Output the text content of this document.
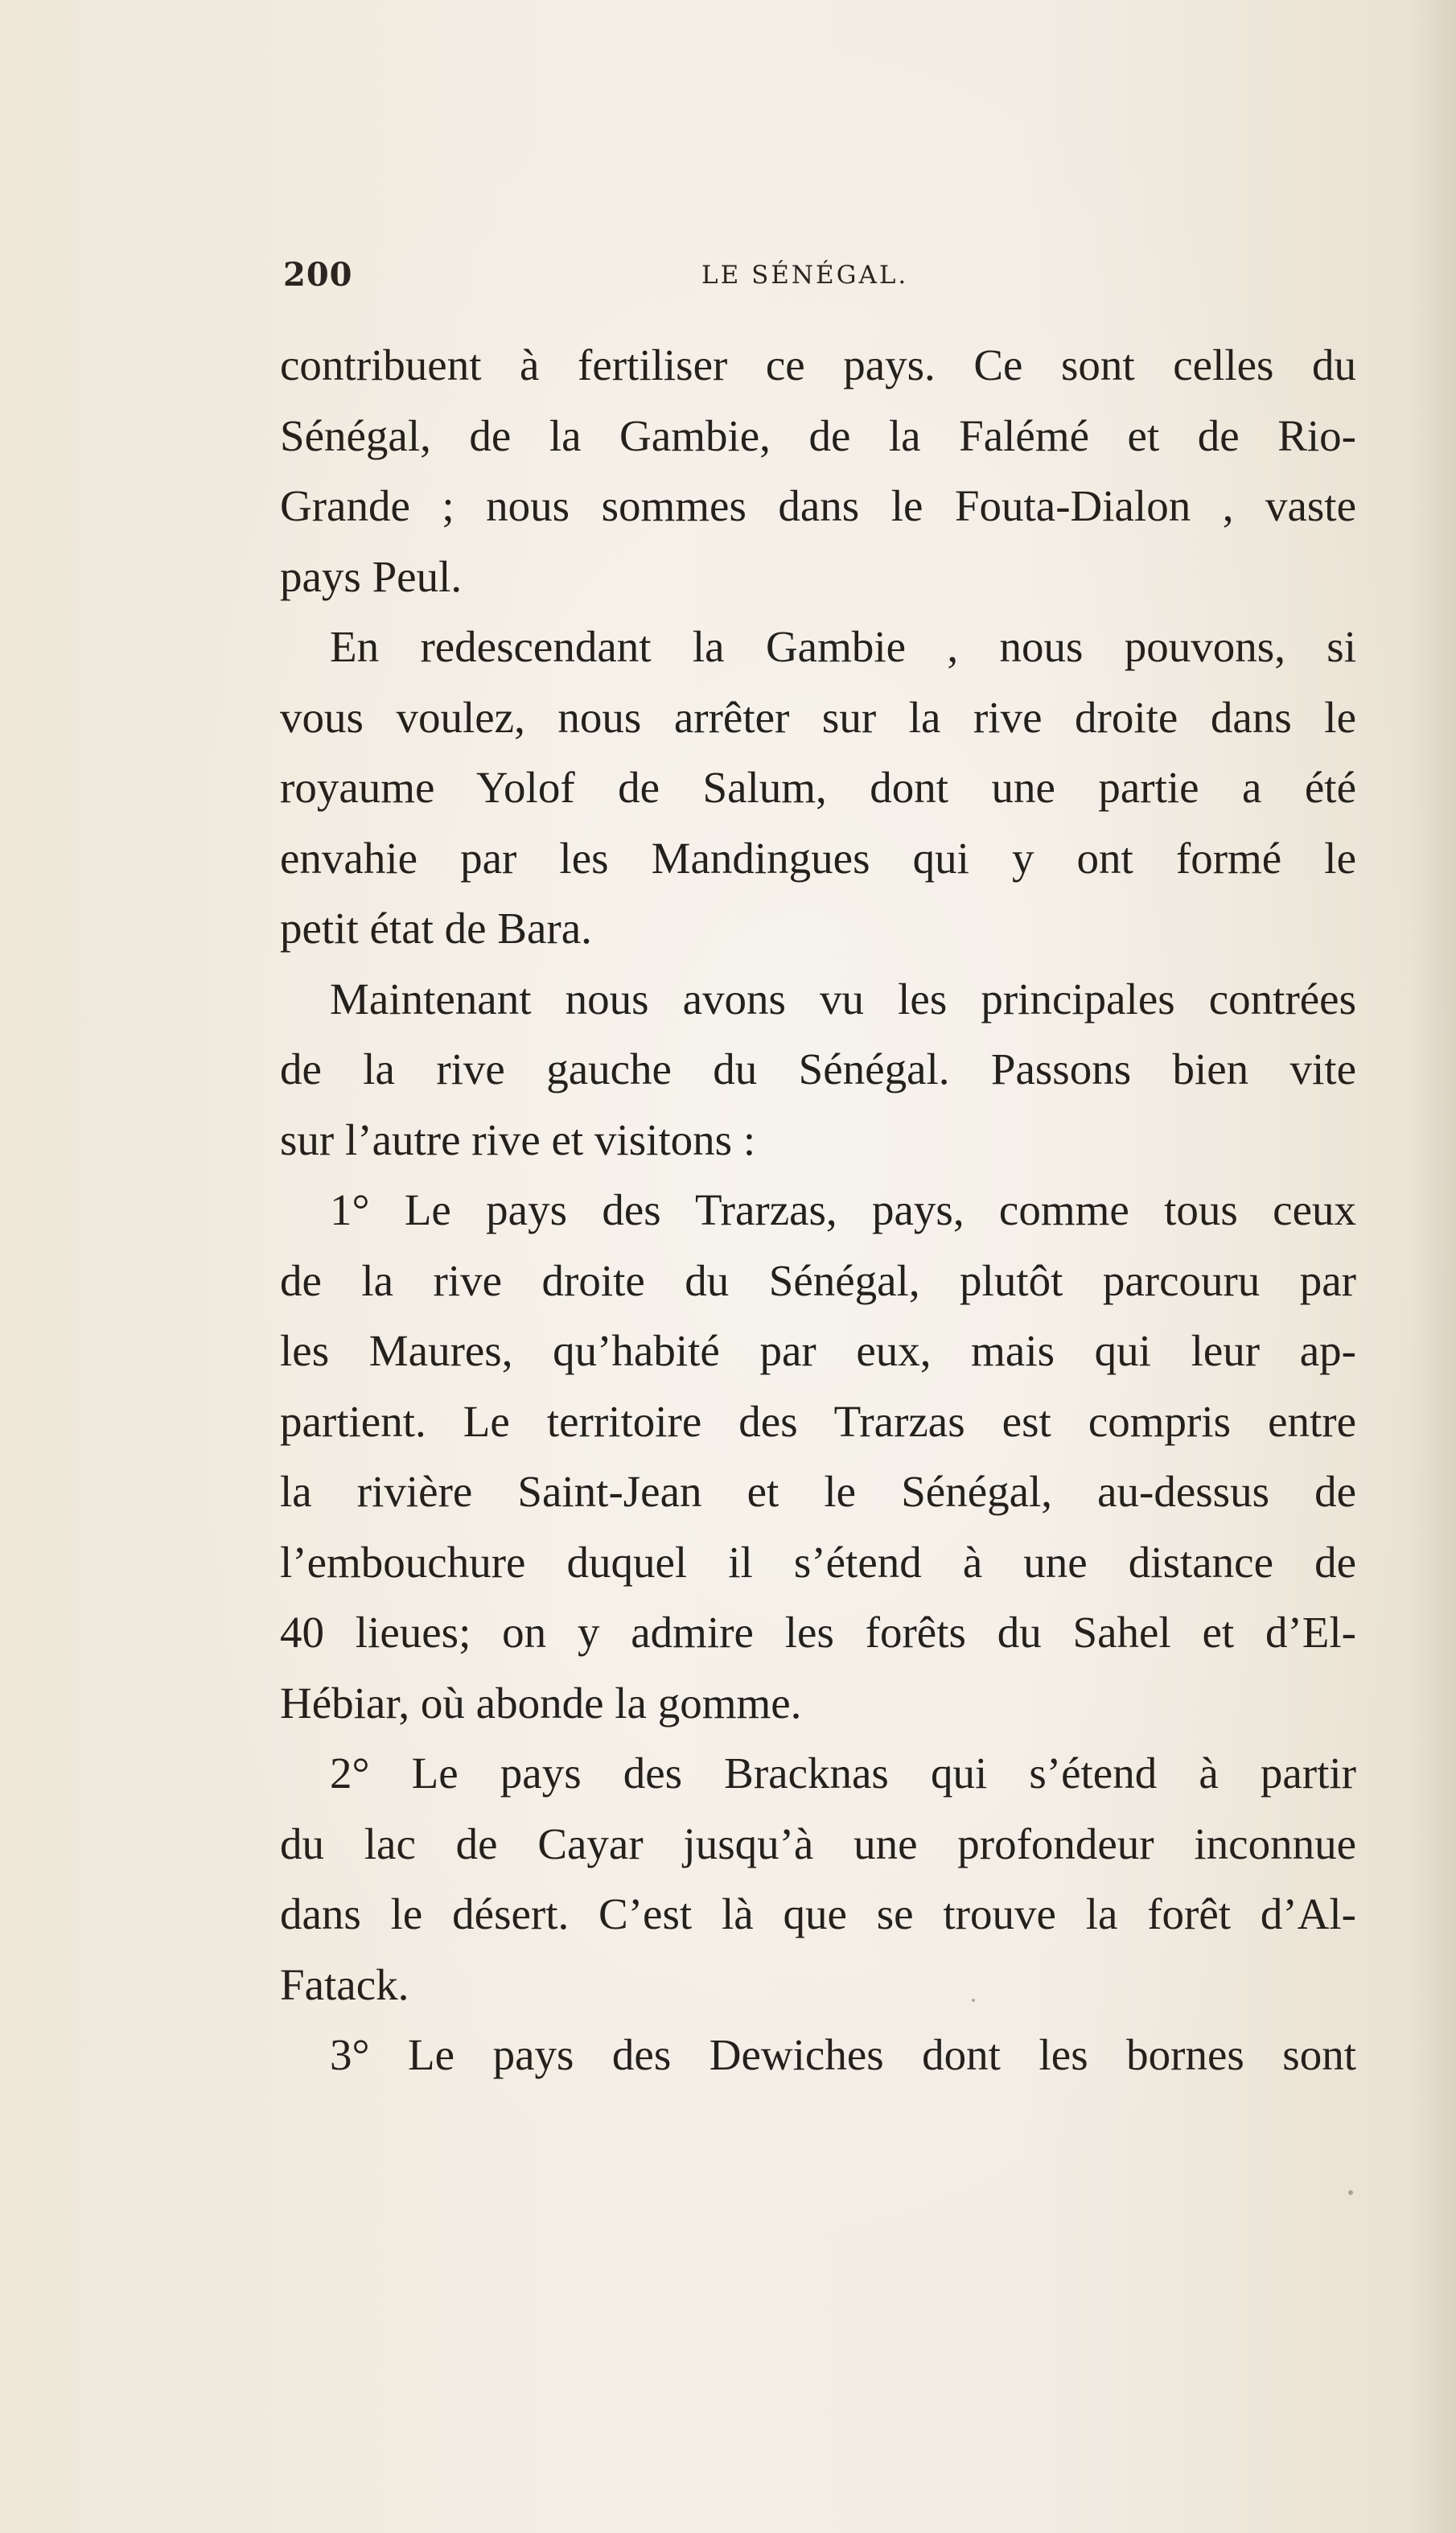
200	LE SÉNÉGAL.
contribuent à fertiliser ce pays. Ce sont celles du
Sénégal, de la Gambie, de la Falémé et de Rio-
Grande ; nous sommes dans le Fouta-Dialon , vaste
pays Peul.
En redescendant la Gambie , nous pouvons, si
vous voulez, nous arrêter sur la rive droite dans le
royaume Yolof de Salum, dont une partie a été
envahie par les Mandingues qui y ont formé le
petit état de Bara.
Maintenant nous avons vu les principales contrées
de la rive gauche du Sénégal. Passons bien vite
sur l’autre rive et visitons :
1° Le pays des Trarzas, pays, comme tous ceux
de la rive droite du Sénégal, plutôt parcouru par
les Maures, qu’habité par eux, mais qui leur ap-
partient. Le territoire des Trarzas est compris entre
la rivière Saint-Jean et le Sénégal, au-dessus de
l’embouchure duquel il s’étend à une distance de
40 lieues; on y admire les forêts du Sahel et d’El-
Hébiar, où abonde la gomme.
2° Le pays des Bracknas qui s’étend à partir
du lac de Cayar jusqu’à une profondeur inconnue
dans le désert. C’est là que se trouve la forêt d’Al-
Fatack.
3° Le pays des Dewiches dont les bornes sont
